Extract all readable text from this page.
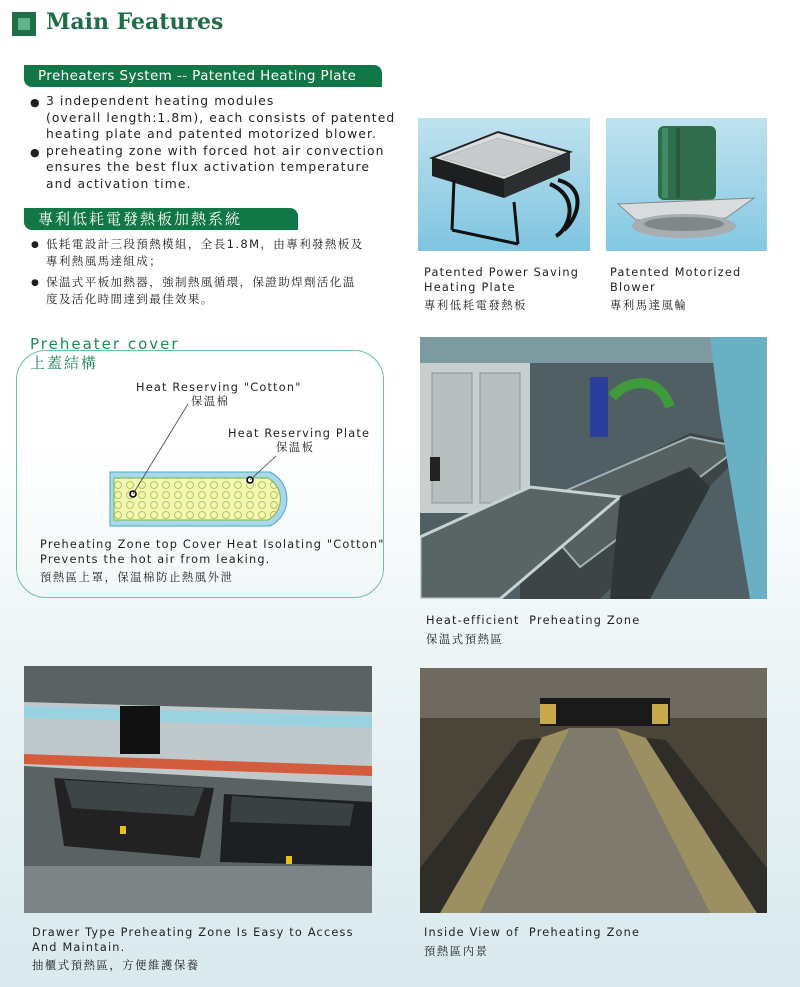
Main Features
Preheaters System -- Patented Heating Plate

● 3 independent heating modules
(overall length:1.8m), each consists of patented
heating plate and patented motorized blower.

● preheating zone with forced hot air convection
ensures the best flux activation temperature
and activation time.

專利低耗電發熱板加熱系統

● 低耗電設計三段預熱模組，全長1.8M，由專利發熱板及
專利熱風馬達組成；

● 保温式平板加熱器，強制熱風循環，保證助焊劑活化温
度及活化時間達到最佳效果。

Patented Power Saving
Heating Plate
專利低耗電發熱板
Patented Motorized
Blower
專利馬達風輪
Preheater cover
上蓋結構
Heat Reserving "Cotton"
保温棉
Heat Reserving Plate
保温板
Preheating Zone top Cover Heat Isolating "Cotton"
Prevents the hot air from leaking.
預熱區上罩，保温棉防止熱風外泄
Heat-efficient  Preheating Zone
保温式預熱區
Drawer Type Preheating Zone Is Easy to Access
And Maintain.
抽櫃式預熱區，方便維護保養
Inside View of  Preheating Zone
預熱區内景
